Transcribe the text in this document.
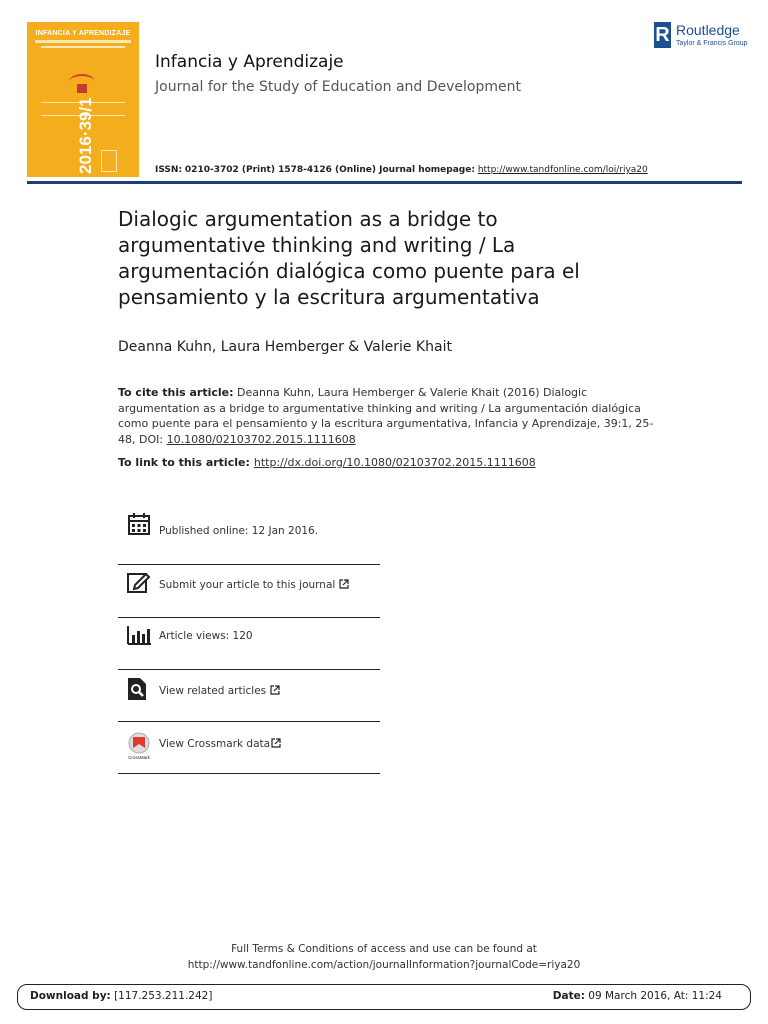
INFANCIA Y APRENDIZAJE
2016·39/1
Infancia y Aprendizaje
Journal for the Study of Education and Development
R Routledge
Taylor & Francis Group
ISSN: 0210-3702 (Print) 1578-4126 (Online) Journal homepage: http://www.tandfonline.com/loi/riya20
Dialogic argumentation as a bridge to argumentative thinking and writing / La argumentación dialógica como puente para el pensamiento y la escritura argumentativa
Deanna Kuhn, Laura Hemberger & Valerie Khait
To cite this article: Deanna Kuhn, Laura Hemberger & Valerie Khait (2016) Dialogic argumentation as a bridge to argumentative thinking and writing / La argumentación dialógica como puente para el pensamiento y la escritura argumentativa, Infancia y Aprendizaje, 39:1, 25-48, DOI: 10.1080/02103702.2015.1111608
To link to this article: http://dx.doi.org/10.1080/02103702.2015.1111608
Published online: 12 Jan 2016.
Submit your article to this journal
Article views: 120
View related articles
CrossMark
View Crossmark data
Full Terms & Conditions of access and use can be found at
http://www.tandfonline.com/action/journalInformation?journalCode=riya20
Download by: [117.253.211.242]	Date: 09 March 2016, At: 11:24
